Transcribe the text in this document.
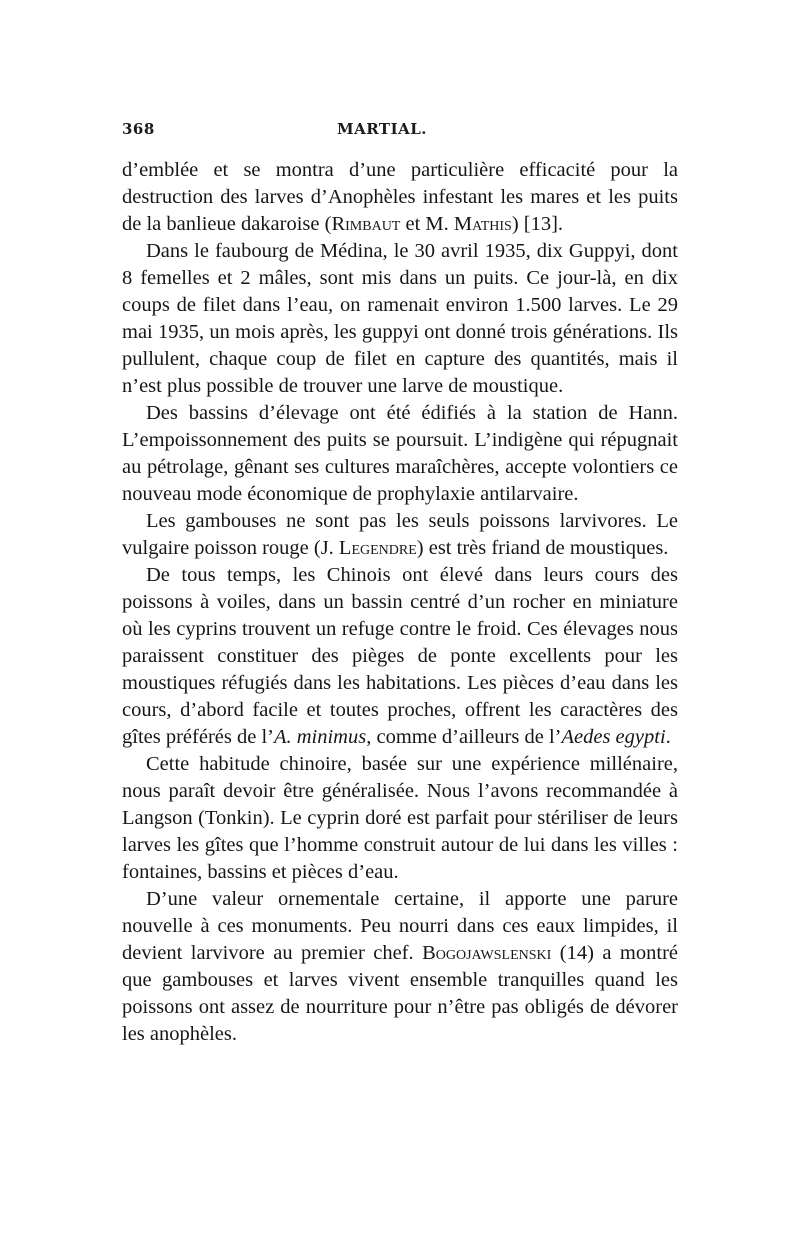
368	MARTIAL.

d’emblée et se montra d’une particulière efficacité pour la destruction des larves d’Anophèles infestant les mares et les puits de la banlieue dakaroise (Rimbaut et M. Mathis) [13].

Dans le faubourg de Médina, le 30 avril 1935, dix Guppyi, dont 8 femelles et 2 mâles, sont mis dans un puits. Ce jour-là, en dix coups de filet dans l’eau, on ramenait environ 1.500 larves. Le 29 mai 1935, un mois après, les guppyi ont donné trois générations. Ils pullulent, chaque coup de filet en capture des quantités, mais il n’est plus possible de trouver une larve de moustique.

Des bassins d’élevage ont été édifiés à la station de Hann. L’empoissonnement des puits se poursuit. L’indigène qui répugnait au pétrolage, gênant ses cultures maraîchères, accepte volontiers ce nouveau mode économique de prophylaxie antilarvaire.

Les gambouses ne sont pas les seuls poissons larvivores. Le vulgaire poisson rouge (J. Legendre) est très friand de moustiques.

De tous temps, les Chinois ont élevé dans leurs cours des poissons à voiles, dans un bassin centré d’un rocher en miniature où les cyprins trouvent un refuge contre le froid. Ces élevages nous paraissent constituer des pièges de ponte excellents pour les moustiques réfugiés dans les habitations. Les pièces d’eau dans les cours, d’abord facile et toutes proches, offrent les caractères des gîtes préférés de l’A. minimus, comme d’ailleurs de l’Aedes egypti.

Cette habitude chinoire, basée sur une expérience millénaire, nous paraît devoir être généralisée. Nous l’avons recommandée à Langson (Tonkin). Le cyprin doré est parfait pour stériliser de leurs larves les gîtes que l’homme construit autour de lui dans les villes : fontaines, bassins et pièces d’eau.

D’une valeur ornementale certaine, il apporte une parure nouvelle à ces monuments. Peu nourri dans ces eaux limpides, il devient larvivore au premier chef. Bogojawslenski (14) a montré que gambouses et larves vivent ensemble tranquilles quand les poissons ont assez de nourriture pour n’être pas obligés de dévorer les anophèles.
